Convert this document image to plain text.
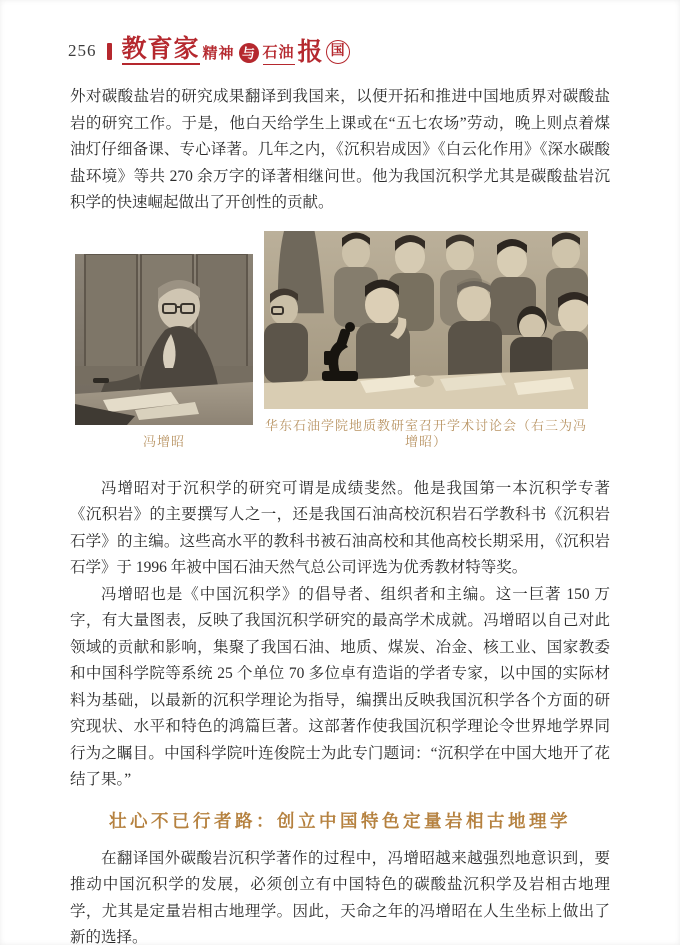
256 教育家 精神 与 石油 报 国

外对碳酸盐岩的研究成果翻译到我国来，以便开拓和推进中国地质界对碳酸盐岩的研究工作。于是，他白天给学生上课或在“五七农场”劳动，晚上则点着煤油灯仔细备课、专心译著。几年之内，《沉积岩成因》《白云化作用》《深水碳酸盐环境》等共 270 余万字的译著相继问世。他为我国沉积学尤其是碳酸盐岩沉积学的快速崛起做出了开创性的贡献。

冯增昭
华东石油学院地质教研室召开学术讨论会（右三为冯增昭）

冯增昭对于沉积学的研究可谓是成绩斐然。他是我国第一本沉积学专著《沉积岩》的主要撰写人之一，还是我国石油高校沉积岩石学教科书《沉积岩石学》的主编。这些高水平的教科书被石油高校和其他高校长期采用，《沉积岩石学》于 1996 年被中国石油天然气总公司评选为优秀教材特等奖。

冯增昭也是《中国沉积学》的倡导者、组织者和主编。这一巨著 150 万字，有大量图表，反映了我国沉积学研究的最高学术成就。冯增昭以自己对此领域的贡献和影响，集聚了我国石油、地质、煤炭、冶金、核工业、国家教委和中国科学院等系统 25 个单位 70 多位卓有造诣的学者专家，以中国的实际材料为基础，以最新的沉积学理论为指导，编撰出反映我国沉积学各个方面的研究现状、水平和特色的鸿篇巨著。这部著作使我国沉积学理论令世界地学界同行为之瞩目。中国科学院叶连俊院士为此专门题词：“沉积学在中国大地开了花结了果。”

壮心不已行者路：创立中国特色定量岩相古地理学

在翻译国外碳酸岩沉积学著作的过程中，冯增昭越来越强烈地意识到，要推动中国沉积学的发展，必须创立有中国特色的碳酸盐沉积学及岩相古地理学，尤其是定量岩相古地理学。因此，天命之年的冯增昭在人生坐标上做出了新的选择。
